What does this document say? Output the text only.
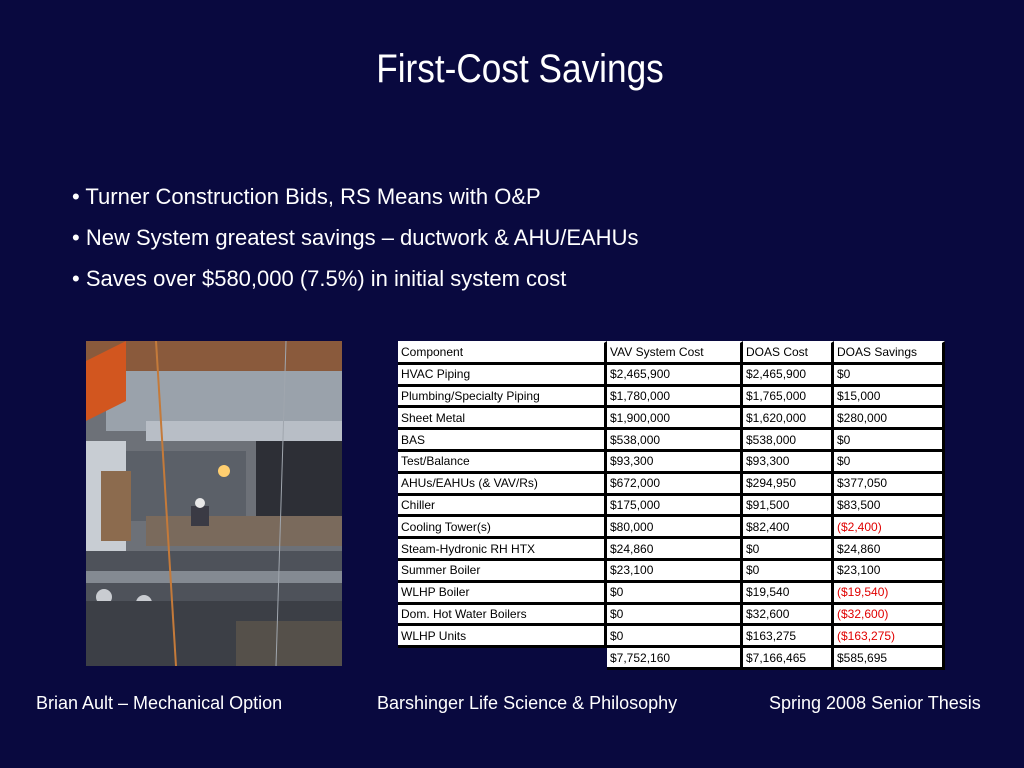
First-Cost Savings
• Turner Construction Bids, RS Means with O&P
• New System greatest savings – ductwork & AHU/EAHUs
• Saves over $580,000 (7.5%) in initial system cost
Component	VAV System Cost	DOAS Cost	DOAS Savings
HVAC Piping	$2,465,900	$2,465,900	$0
Plumbing/Specialty Piping	$1,780,000	$1,765,000	$15,000
Sheet Metal	$1,900,000	$1,620,000	$280,000
BAS	$538,000	$538,000	$0
Test/Balance	$93,300	$93,300	$0
AHUs/EAHUs (& VAV/Rs)	$672,000	$294,950	$377,050
Chiller	$175,000	$91,500	$83,500
Cooling Tower(s)	$80,000	$82,400	($2,400)
Steam-Hydronic RH HTX	$24,860	$0	$24,860
Summer Boiler	$23,100	$0	$23,100
WLHP Boiler	$0	$19,540	($19,540)
Dom. Hot Water Boilers	$0	$32,600	($32,600)
WLHP Units	$0	$163,275	($163,275)
	$7,752,160	$7,166,465	$585,695
Brian Ault – Mechanical Option	Barshinger Life Science & Philosophy	Spring 2008 Senior Thesis
